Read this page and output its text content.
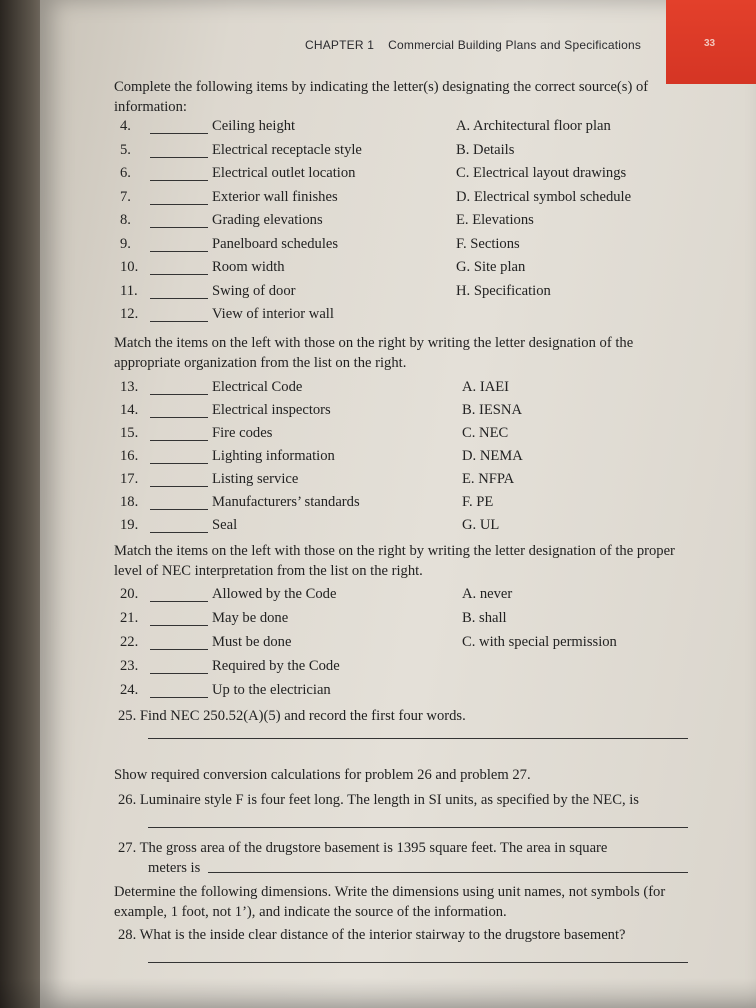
33
CHAPTER 1 Commercial Building Plans and Specifications
Complete the following items by indicating the letter(s) designating the correct source(s) of information:
4.	Ceiling height	A. Architectural floor plan
5.	Electrical receptacle style	B. Details
6.	Electrical outlet location	C. Electrical layout drawings
7.	Exterior wall finishes	D. Electrical symbol schedule
8.	Grading elevations	E. Elevations
9.	Panelboard schedules	F. Sections
10.	Room width	G. Site plan
11.	Swing of door	H. Specification
12.	View of interior wall
Match the items on the left with those on the right by writing the letter designation of the appropriate organization from the list on the right.
13.	Electrical Code	A. IAEI
14.	Electrical inspectors	B. IESNA
15.	Fire codes	C. NEC
16.	Lighting information	D. NEMA
17.	Listing service	E. NFPA
18.	Manufacturers’ standards	F. PE
19.	Seal	G. UL
Match the items on the left with those on the right by writing the letter designation of the proper level of NEC interpretation from the list on the right.
20.	Allowed by the Code	A. never
21.	May be done	B. shall
22.	Must be done	C. with special permission
23.	Required by the Code
24.	Up to the electrician
25. Find NEC 250.52(A)(5) and record the first four words.
Show required conversion calculations for problem 26 and problem 27.
26. Luminaire style F is four feet long. The length in SI units, as specified by the NEC, is
27. The gross area of the drugstore basement is 1395 square feet. The area in square
meters is
Determine the following dimensions. Write the dimensions using unit names, not symbols (for example, 1 foot, not 1’), and indicate the source of the information.
28. What is the inside clear distance of the interior stairway to the drugstore basement?
